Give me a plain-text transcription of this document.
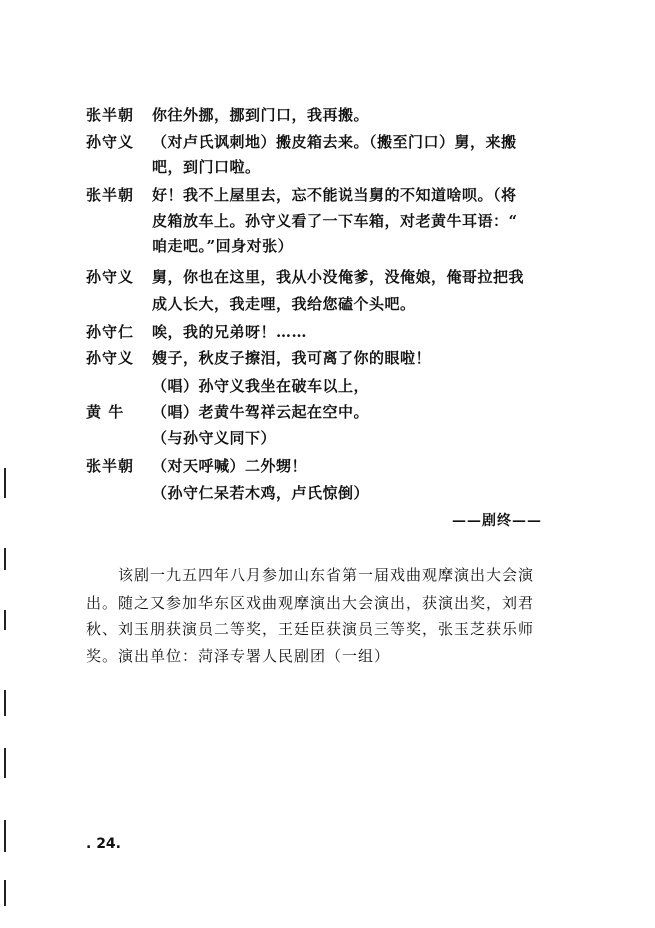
张半朝 你往外挪，挪到门口，我再搬。
孙守义 （对卢氏讽刺地）搬皮箱去来。（搬至门口）舅，来搬
吧，到门口啦。
张半朝 好！我不上屋里去，忘不能说当舅的不知道啥呗。（将
皮箱放车上。孙守义看了一下车箱，对老黄牛耳语：“
咱走吧。”回身对张）
孙守义 舅，你也在这里，我从小没俺爹，没俺娘，俺哥拉把我
成人长大，我走哩，我给您磕个头吧。
孙守仁 唉，我的兄弟呀！……
孙守义 嫂子，秋皮子擦泪，我可离了你的眼啦！
（唱）孙守义我坐在破车以上，
黄 牛 （唱）老黄牛驾祥云起在空中。
（与孙守义同下）
张半朝 （对天呼喊）二外甥！
（孙守仁呆若木鸡，卢氏惊倒）
——剧终——
该剧一九五四年八月参加山东省第一届戏曲观摩演出大会演
出。随之又参加华东区戏曲观摩演出大会演出，获演出奖，刘君
秋、刘玉朋获演员二等奖，王廷臣获演员三等奖，张玉芝获乐师
奖。演出单位：菏泽专署人民剧团（一组）
. 24.
